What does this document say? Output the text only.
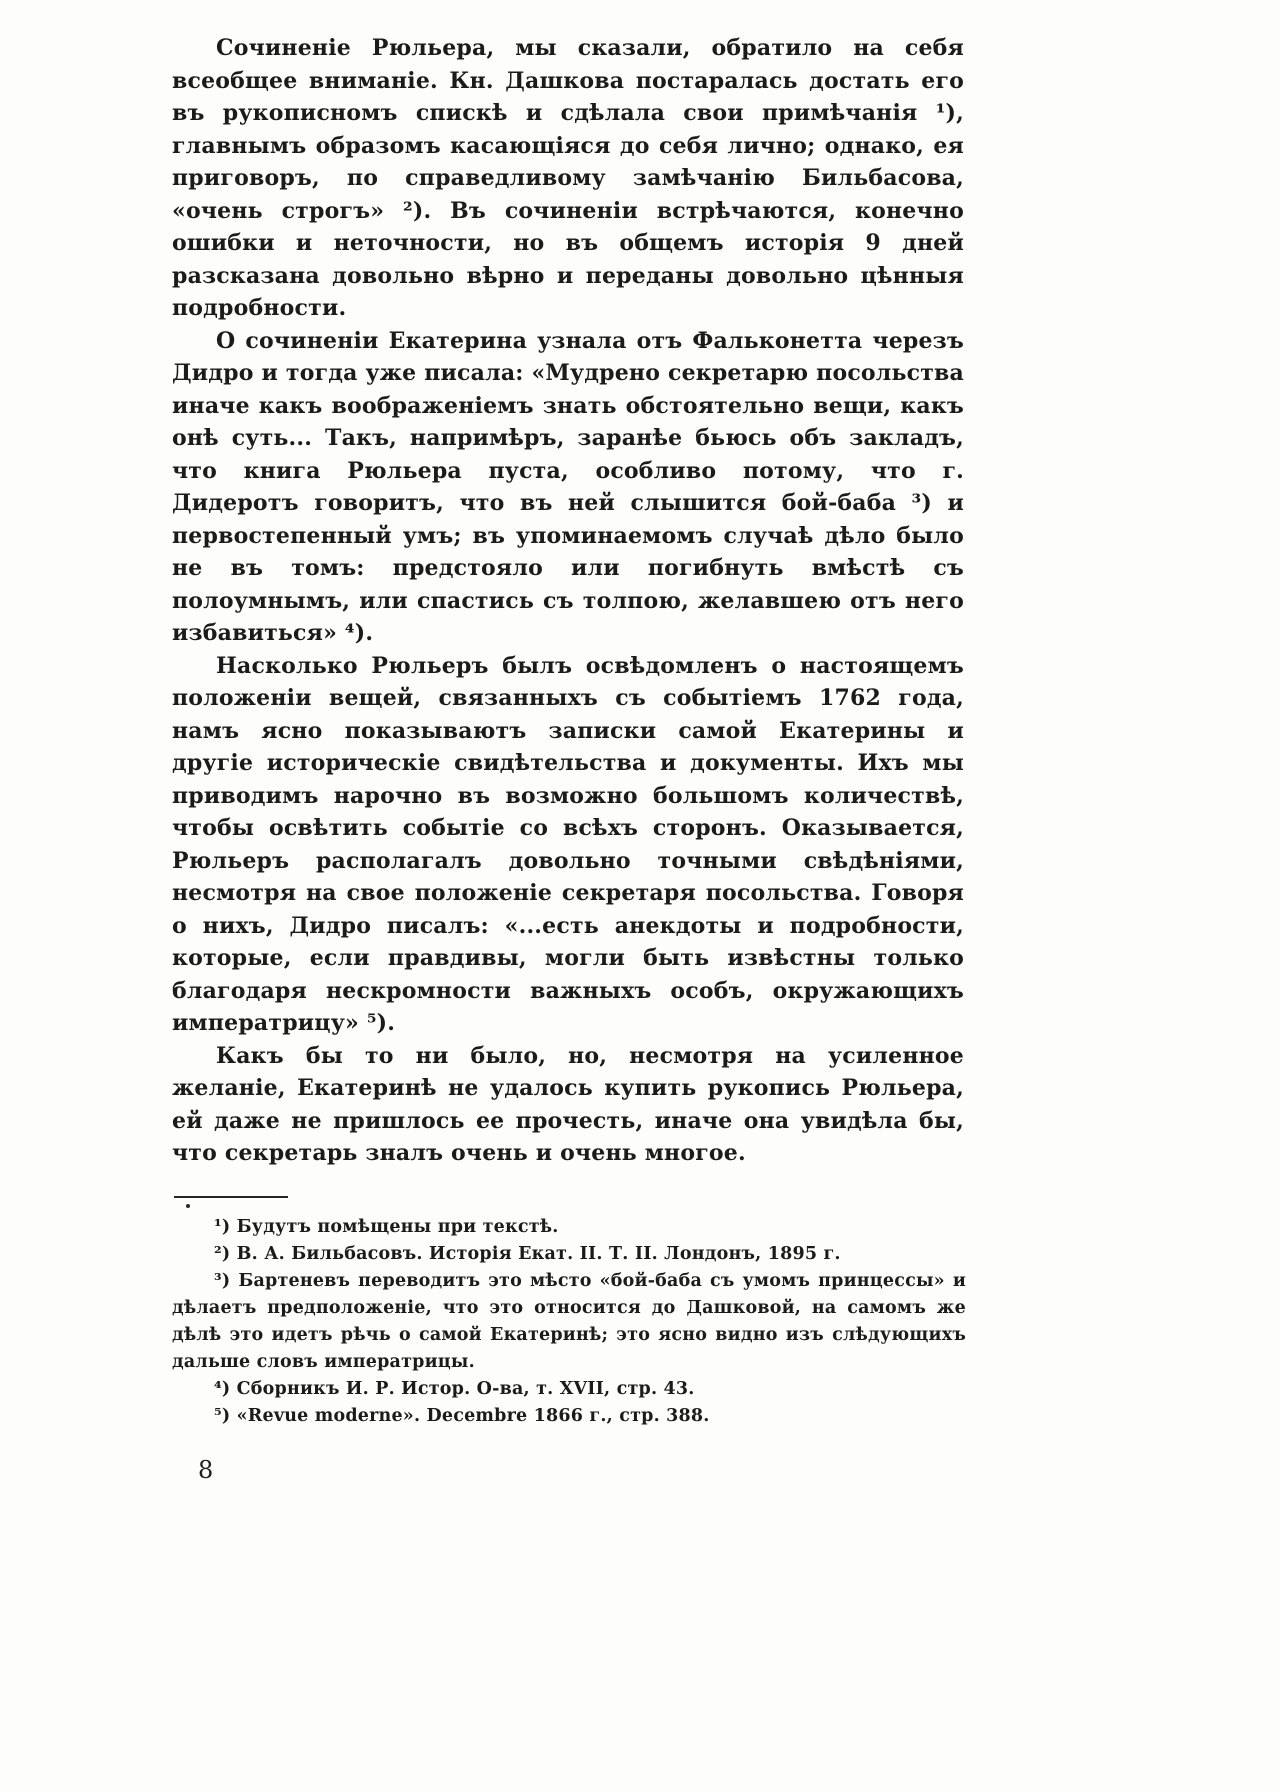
Сочиненіе Рюльера, мы сказали, обратило на себя всеобщее вниманіе. Кн. Дашкова постаралась достать его въ рукописномъ спискѣ и сдѣлала свои примѣчанія ¹), главнымъ образомъ касающіяся до себя лично; однако, ея приговоръ, по справедливому замѣчанію Бильбасова, «очень строгъ» ²). Въ сочиненіи встрѣчаются, конечно ошибки и неточности, но въ общемъ исторія 9 дней разсказана довольно вѣрно и переданы довольно цѣнныя подробности.

О сочиненіи Екатерина узнала отъ Фальконетта черезъ Дидро и тогда уже писала: «Мудрено секретарю посольства иначе какъ воображеніемъ знать обстоятельно вещи, какъ онѣ суть... Такъ, напримѣръ, заранѣе бьюсь объ закладъ, что книга Рюльера пуста, особливо потому, что г. Дидеротъ говоритъ, что въ ней слышится бой-баба ³) и первостепенный умъ; въ упоминаемомъ случаѣ дѣло было не въ томъ: предстояло или погибнуть вмѣстѣ съ полоумнымъ, или спастись съ толпою, желавшею отъ него избавиться» ⁴).

Насколько Рюльеръ былъ освѣдомленъ о настоящемъ положеніи вещей, связанныхъ съ событіемъ 1762 года, намъ ясно показываютъ записки самой Екатерины и другіе историческіе свидѣтельства и документы. Ихъ мы приводимъ нарочно въ возможно большомъ количествѣ, чтобы освѣтить событіе со всѣхъ сторонъ. Оказывается, Рюльеръ располагалъ довольно точными свѣдѣніями, несмотря на свое положеніе секретаря посольства. Говоря о нихъ, Дидро писалъ: «...есть анекдоты и подробности, которые, если правдивы, могли быть извѣстны только благодаря нескромности важныхъ особъ, окружающихъ императрицу» ⁵).

Какъ бы то ни было, но, несмотря на усиленное желаніе, Екатеринѣ не удалось купить рукопись Рюльера, ей даже не пришлось ее прочесть, иначе она увидѣла бы, что секретарь зналъ очень и очень многое.

¹) Будутъ помѣщены при текстѣ.

²) В. А. Бильбасовъ. Исторія Екат. II. Т. II. Лондонъ, 1895 г.

³) Бартеневъ переводитъ это мѣсто «бой-баба съ умомъ принцессы» и дѣлаетъ предположеніе, что это относится до Дашковой, на самомъ же дѣлѣ это идетъ рѣчь о самой Екатеринѣ; это ясно видно изъ слѣдующихъ дальше словъ императрицы.

⁴) Сборникъ И. Р. Истор. О-ва, т. XVII, стр. 43.

⁵) «Revue moderne». Decembre 1866 г., стр. 388.

8
